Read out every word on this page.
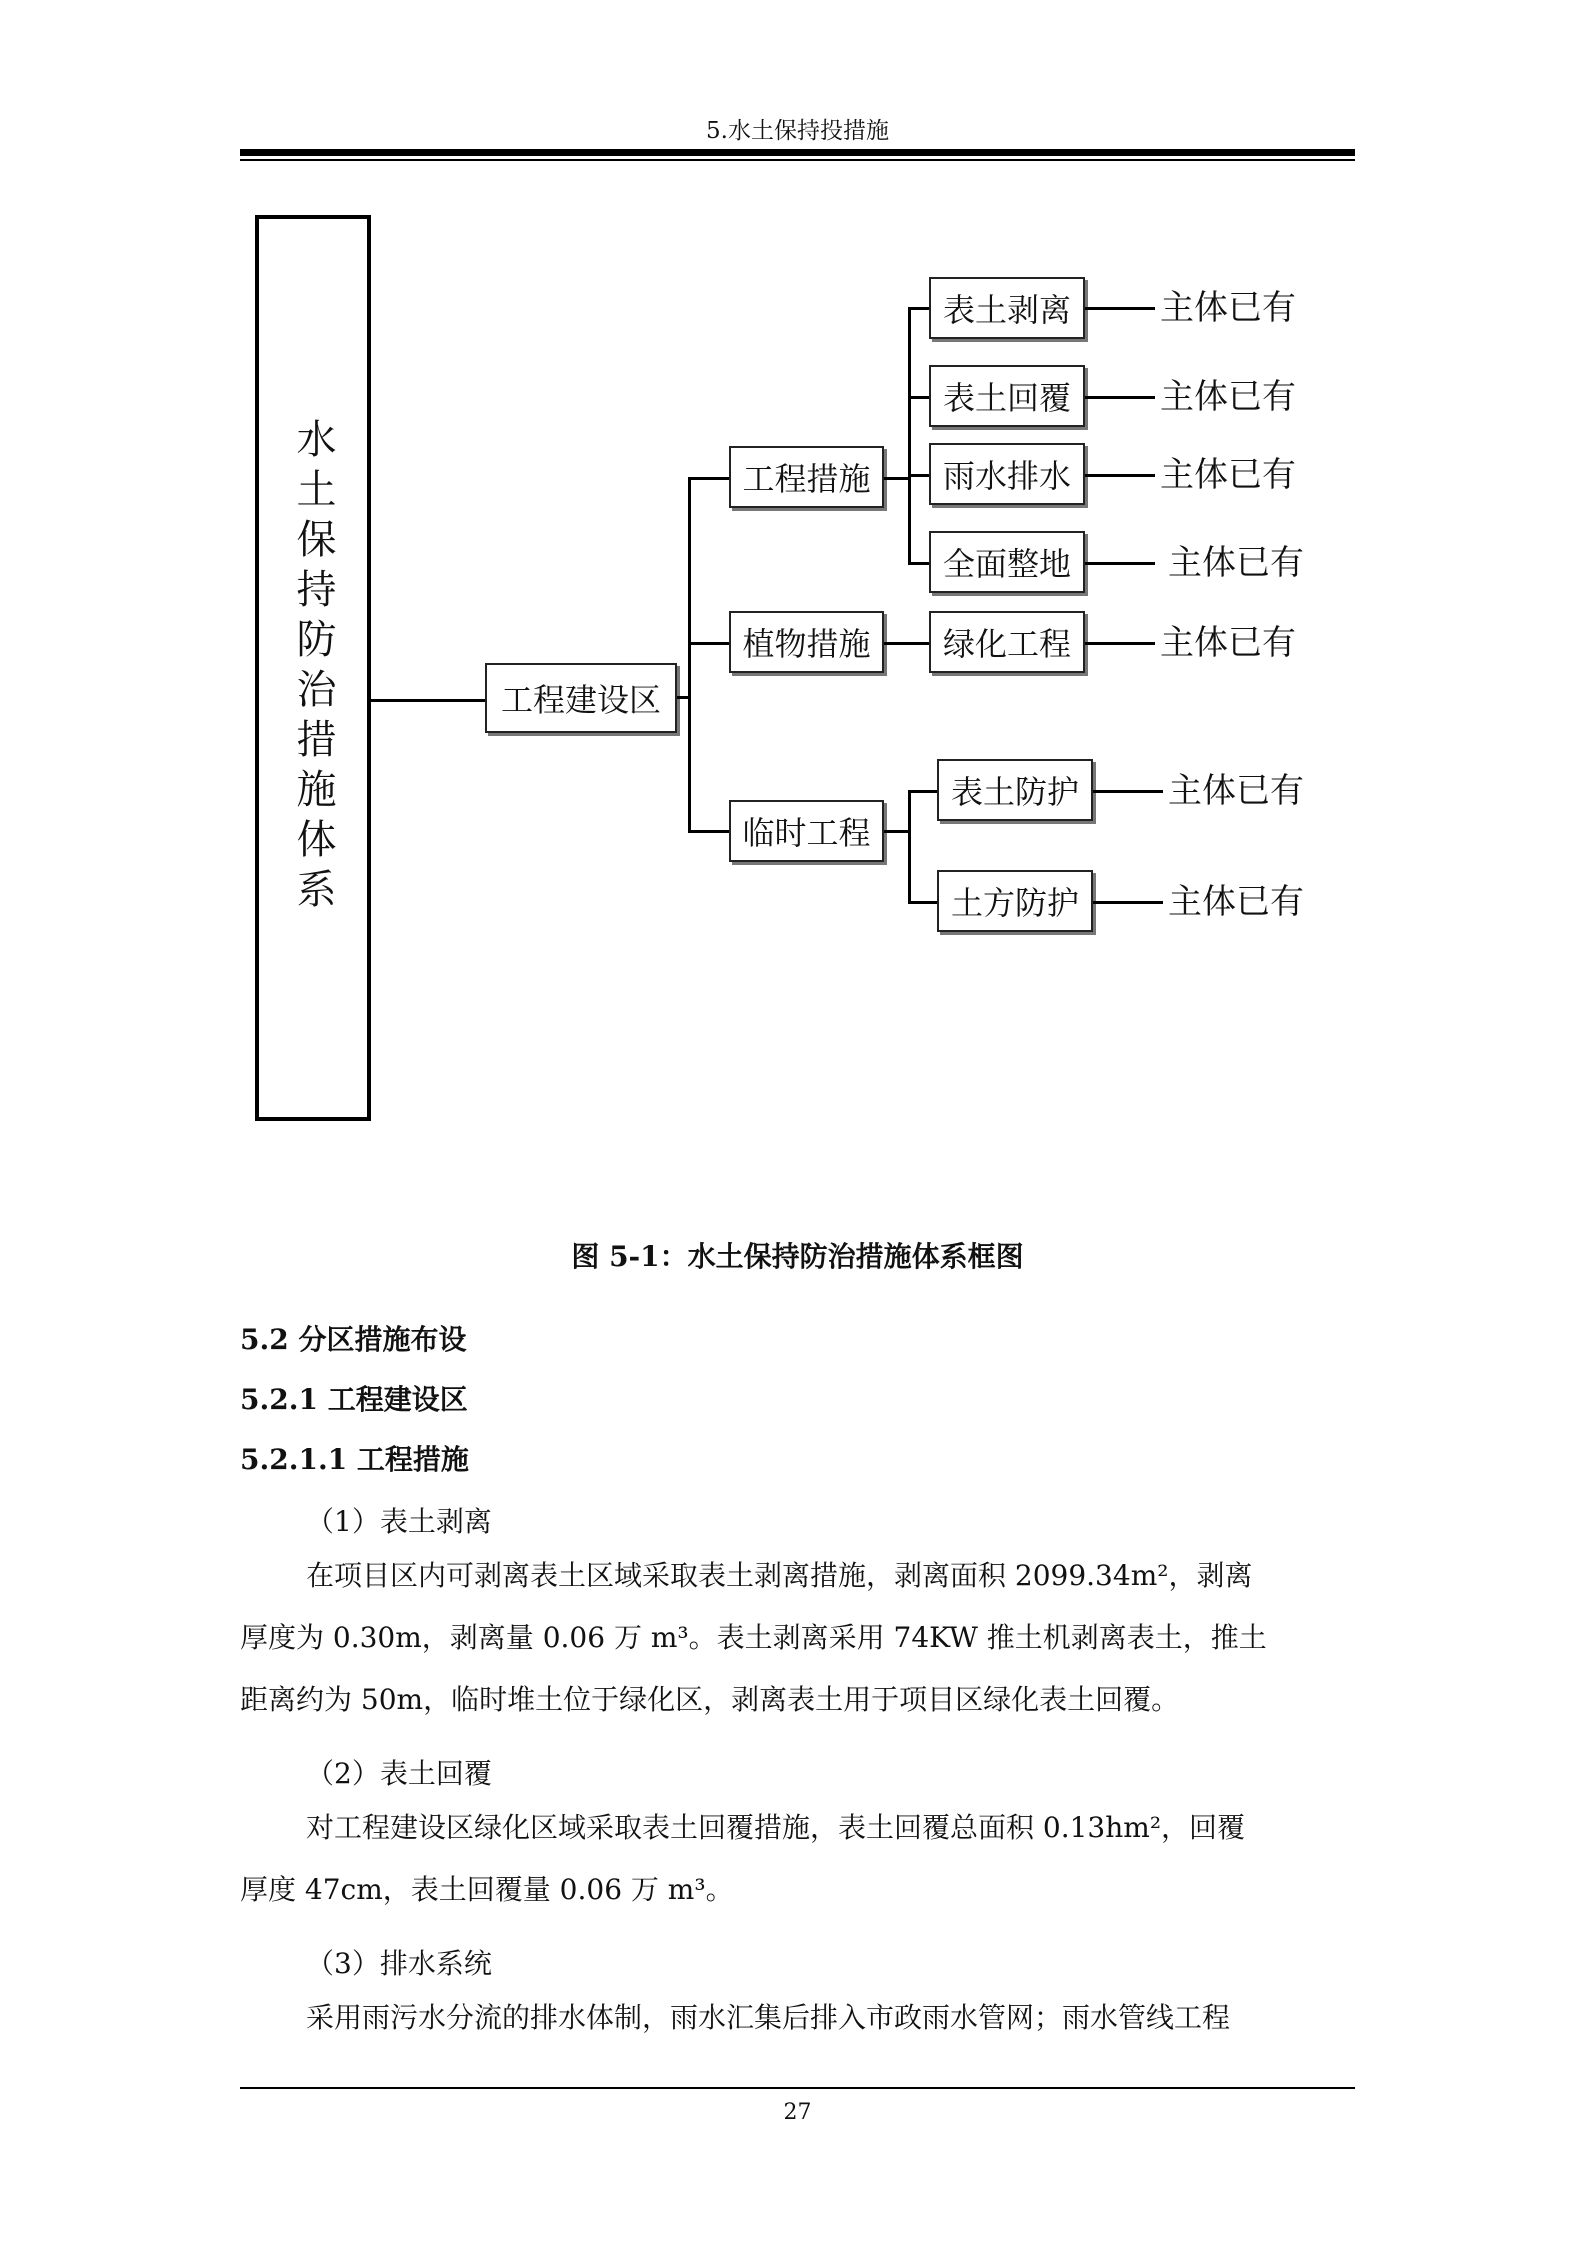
5.水土保持投措施
水土保持防治措施体系	工程建设区
工程措施
植物措施
临时工程
表土剥离
表土回覆
雨水排水
全面整地
绿化工程
表土防护
土方防护
主体已有
主体已有
主体已有
主体已有
主体已有
主体已有
主体已有
图 5-1：水土保持防治措施体系框图
5.2 分区措施布设
5.2.1 工程建设区
5.2.1.1 工程措施
（1）表土剥离
在项目区内可剥离表土区域采取表土剥离措施，剥离面积 2099.34m²，剥离
厚度为 0.30m，剥离量 0.06 万 m³。表土剥离采用 74KW 推土机剥离表土，推土
距离约为 50m，临时堆土位于绿化区，剥离表土用于项目区绿化表土回覆。
（2）表土回覆
对工程建设区绿化区域采取表土回覆措施，表土回覆总面积 0.13hm²，回覆
厚度 47cm，表土回覆量 0.06 万 m³。
（3）排水系统
采用雨污水分流的排水体制，雨水汇集后排入市政雨水管网；雨水管线工程
27
